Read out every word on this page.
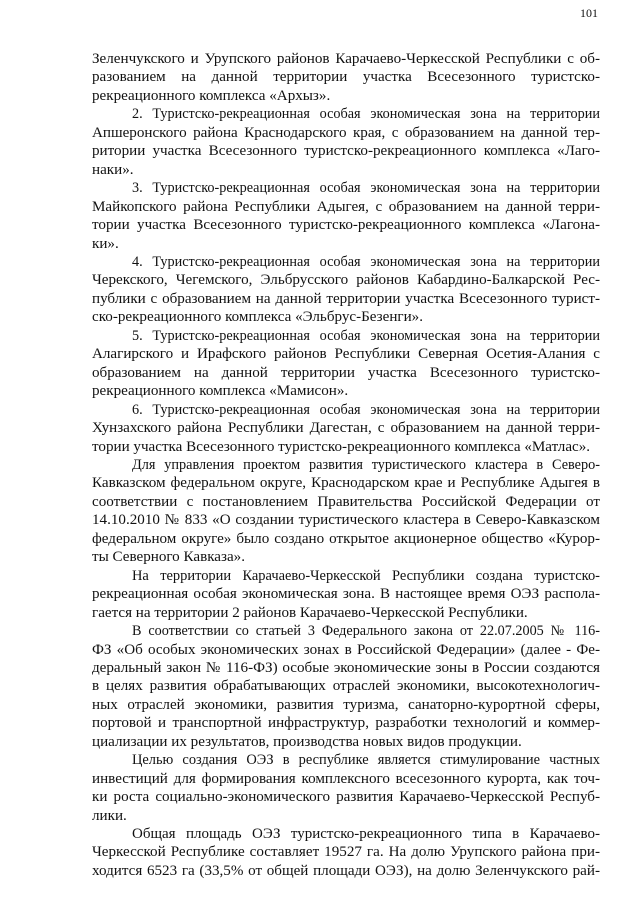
101
Зеленчукского и Урупского районов Карачаево-Черкесской Республики с об-
разованием на данной территории участка Всесезонного туристско-
рекреационного комплекса «Архыз».
2. Туристско-рекреационная особая экономическая зона на территории
Апшеронского района Краснодарского края, с образованием на данной тер-
ритории участка Всесезонного туристско-рекреационного комплекса «Лаго-
наки».
3. Туристско-рекреационная особая экономическая зона на территории
Майкопского района Республики Адыгея, с образованием на данной терри-
тории участка Всесезонного туристско-рекреационного комплекса «Лагона-
ки».
4. Туристско-рекреационная особая экономическая зона на территории
Черекского, Чегемского, Эльбрусского районов Кабардино-Балкарской Рес-
публики с образованием на данной территории участка Всесезонного турист-
ско-рекреационного комплекса «Эльбрус-Безенги».
5. Туристско-рекреационная особая экономическая зона на территории
Алагирского и Ирафского районов Республики Северная Осетия-Алания с
образованием на данной территории участка Всесезонного туристско-
рекреационного комплекса «Мамисон».
6. Туристско-рекреационная особая экономическая зона на территории
Хунзахского района Республики Дагестан, с образованием на данной терри-
тории участка Всесезонного туристско-рекреационного комплекса «Матлас».
Для управления проектом развития туристического кластера в Северо-
Кавказском федеральном округе, Краснодарском крае и Республике Адыгея в
соответствии с постановлением Правительства Российской Федерации от
14.10.2010 № 833 «О создании туристического кластера в Северо-Кавказском
федеральном округе» было создано открытое акционерное общество «Курор-
ты Северного Кавказа».
На территории Карачаево-Черкесской Республики создана туристско-
рекреационная особая экономическая зона. В настоящее время ОЭЗ распола-
гается на территории 2 районов Карачаево-Черкесской Республики.
В соответствии со статьей 3 Федерального закона от 22.07.2005 № 116-
ФЗ «Об особых экономических зонах в Российской Федерации» (далее - Фе-
деральный закон № 116-ФЗ) особые экономические зоны в России создаются
в целях развития обрабатывающих отраслей экономики, высокотехнологич-
ных отраслей экономики, развития туризма, санаторно-курортной сферы,
портовой и транспортной инфраструктур, разработки технологий и коммер-
циализации их результатов, производства новых видов продукции.
Целью создания ОЭЗ в республике является стимулирование частных
инвестиций для формирования комплексного всесезонного курорта, как точ-
ки роста социально-экономического развития Карачаево-Черкесской Респуб-
лики.
Общая площадь ОЭЗ туристско-рекреационного типа в Карачаево-
Черкесской Республике составляет 19527 га. На долю Урупского района при-
ходится 6523 га (33,5% от общей площади ОЭЗ), на долю Зеленчукского рай-
